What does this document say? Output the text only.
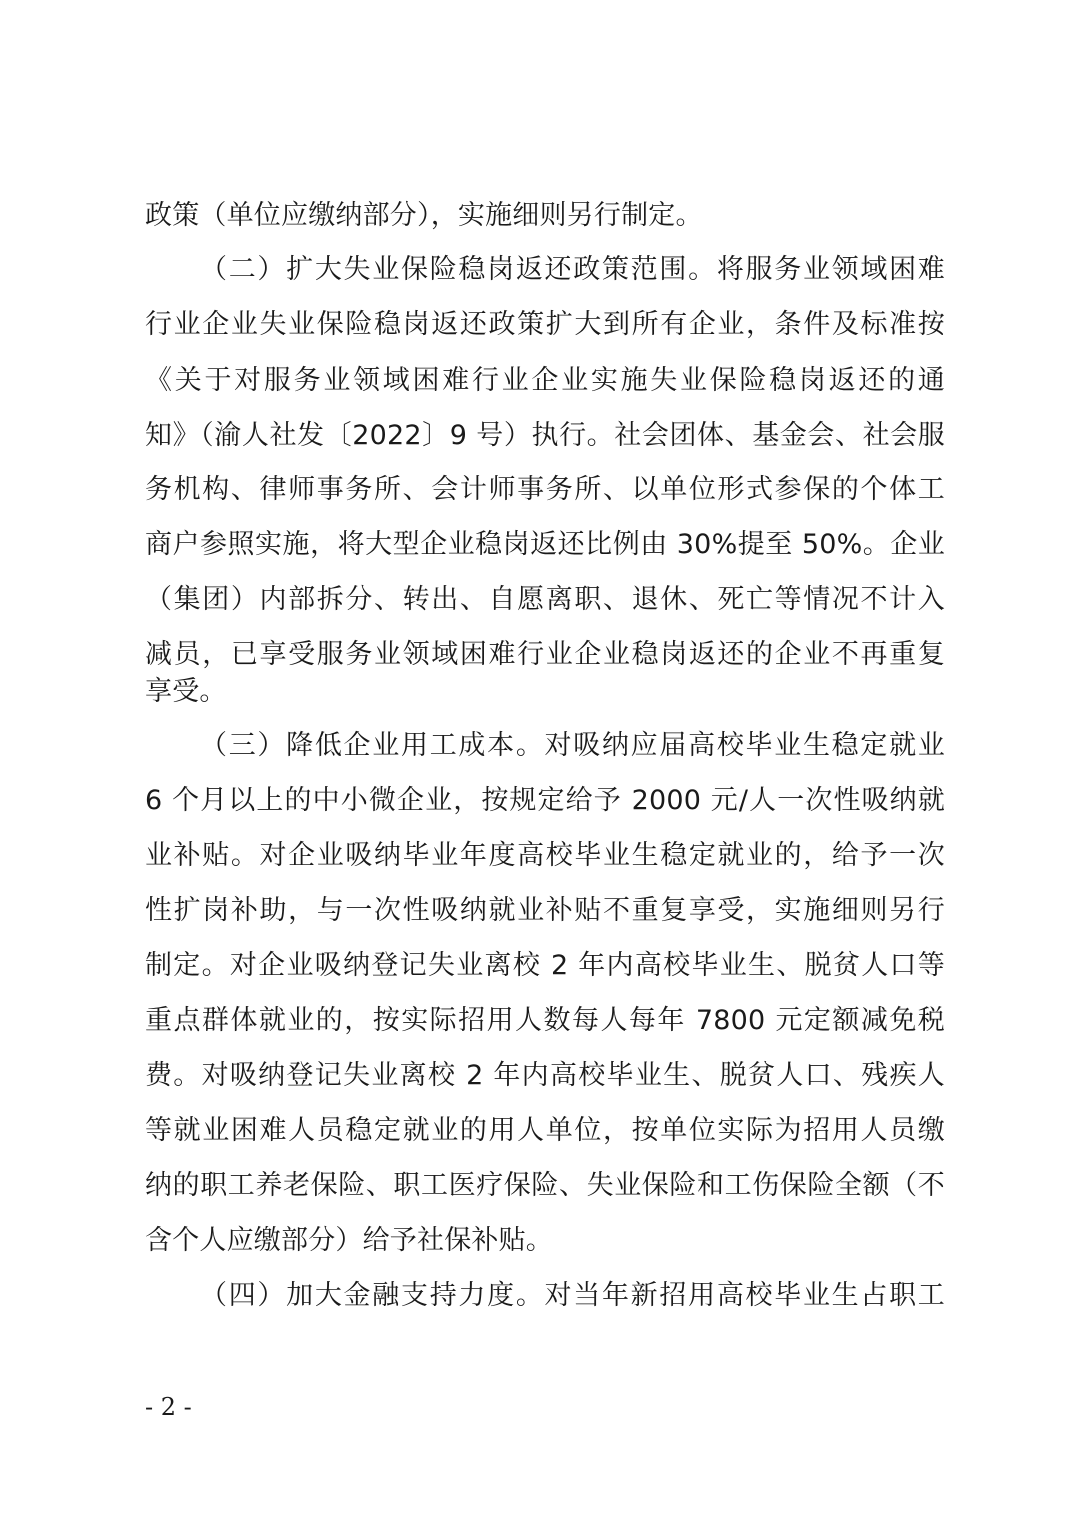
政策（单位应缴纳部分），实施细则另行制定。
（二）扩大失业保险稳岗返还政策范围。将服务业领域困难
行业企业失业保险稳岗返还政策扩大到所有企业，条件及标准按
《关于对服务业领域困难行业企业实施失业保险稳岗返还的通
知》（渝人社发〔2022〕9 号）执行。社会团体、基金会、社会服
务机构、律师事务所、会计师事务所、以单位形式参保的个体工
商户参照实施，将大型企业稳岗返还比例由 30%提至 50%。企业
（集团）内部拆分、转出、自愿离职、退休、死亡等情况不计入
减员，已享受服务业领域困难行业企业稳岗返还的企业不再重复
享受。
（三）降低企业用工成本。对吸纳应届高校毕业生稳定就业
6 个月以上的中小微企业，按规定给予 2000 元/人一次性吸纳就
业补贴。对企业吸纳毕业年度高校毕业生稳定就业的，给予一次
性扩岗补助，与一次性吸纳就业补贴不重复享受，实施细则另行
制定。对企业吸纳登记失业离校 2 年内高校毕业生、脱贫人口等
重点群体就业的，按实际招用人数每人每年 7800 元定额减免税
费。对吸纳登记失业离校 2 年内高校毕业生、脱贫人口、残疾人
等就业困难人员稳定就业的用人单位，按单位实际为招用人员缴
纳的职工养老保险、职工医疗保险、失业保险和工伤保险全额（不
含个人应缴部分）给予社保补贴。
（四）加大金融支持力度。对当年新招用高校毕业生占职工
- 2 -
